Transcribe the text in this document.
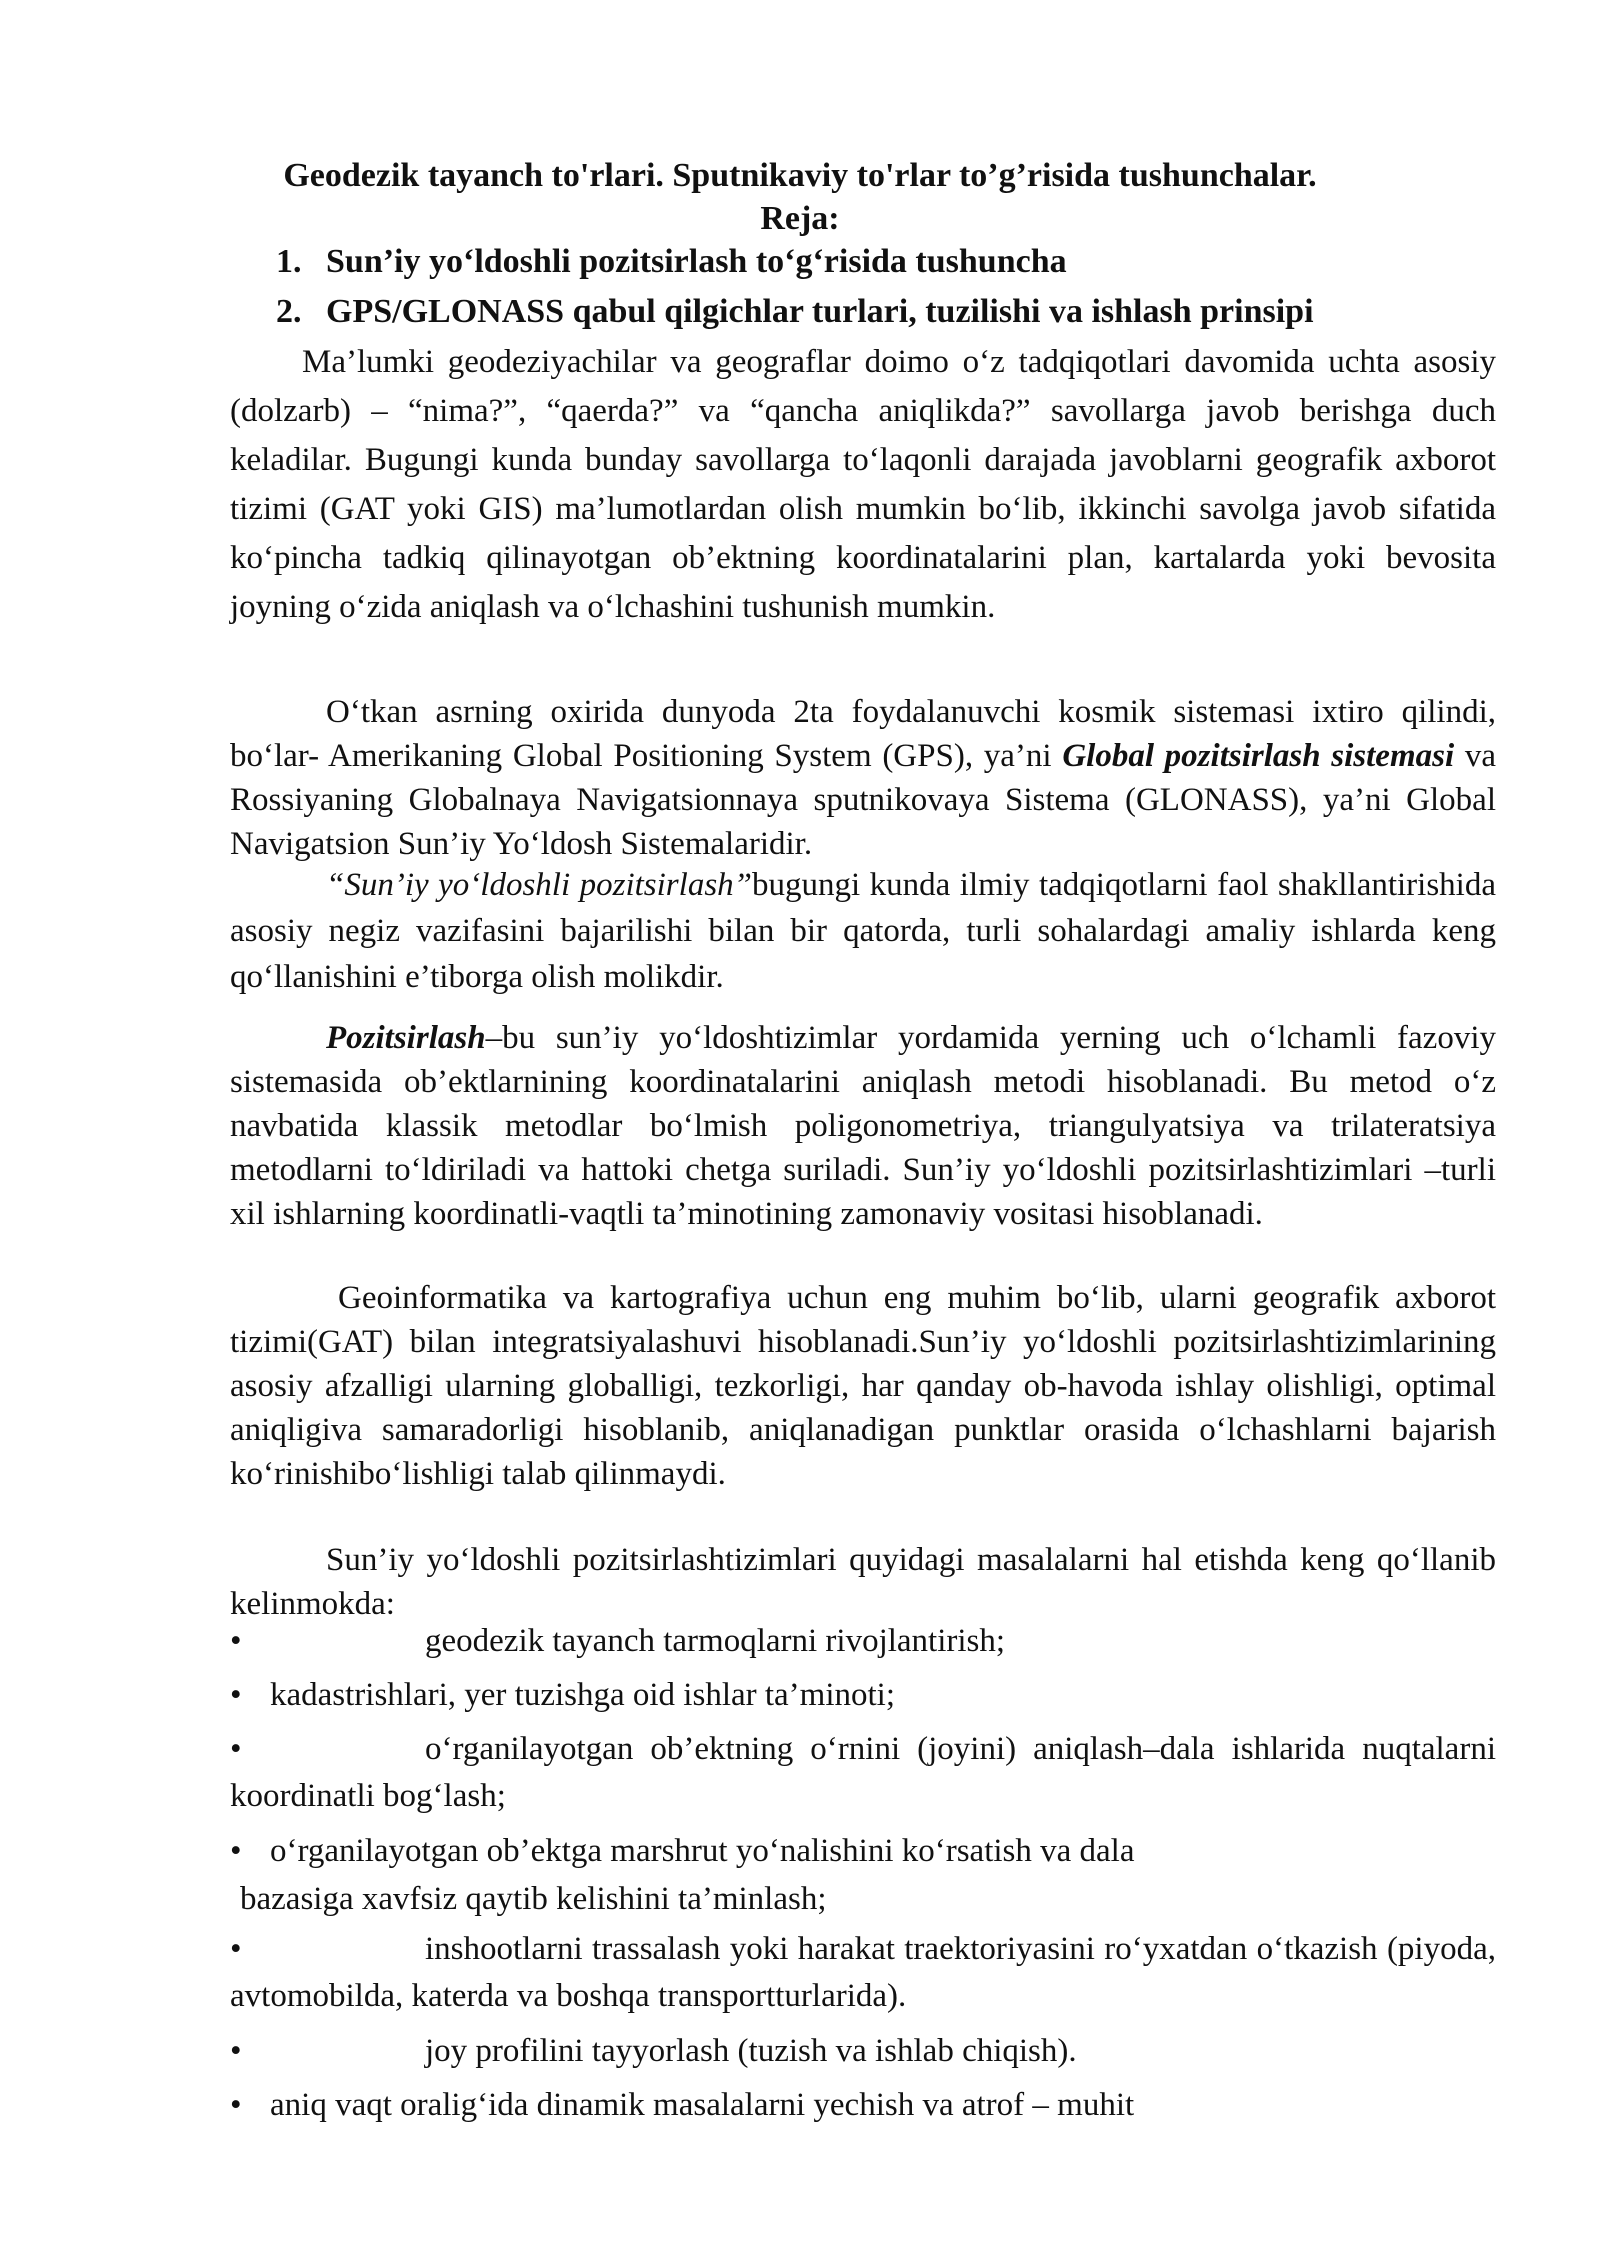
Geodezik tayanch to'rlari. Sputnikaviy to'rlar to’g’risida tushunchalar.
Reja:
1. Sun’iy yo‘ldoshli pozitsirlash to‘g‘risida tushuncha
2. GPS/GLONASS qabul qilgichlar turlari, tuzilishi va ishlash prinsipi

Ma’lumki geodeziyachilar va geograflar doimo o‘z tadqiqotlari davomida uchta asosiy (dolzarb) – “nima?”, “qaerda?” va “qancha aniqlikda?” savollarga javob berishga duch keladilar. Bugungi kunda bunday savollarga to‘laqonli darajada javoblarni geografik axborot tizimi (GAT yoki GIS) ma’lumotlardan olish mumkin bo‘lib, ikkinchi savolga javob sifatida ko‘pincha tadkiq qilinayotgan ob’ektning koordinatalarini plan, kartalarda yoki bevosita joyning o‘zida aniqlash va o‘lchashini tushunish mumkin.

O‘tkan asrning oxirida dunyoda 2ta foydalanuvchi kosmik sistemasi ixtiro qilindi, bo‘lar- Amerikaning Global Positioning System (GPS), ya’ni Global pozitsirlash sistemasi va Rossiyaning Globalnaya Navigatsionnaya sputnikovaya Sistema (GLONASS), ya’ni Global Navigatsion Sun’iy Yo‘ldosh Sistemalaridir.

“Sun’iy yo‘ldoshli pozitsirlash”bugungi kunda ilmiy tadqiqotlarni faol shakllantirishida asosiy negiz vazifasini bajarilishi bilan bir qatorda, turli sohalardagi amaliy ishlarda keng qo‘llanishini e’tiborga olish molikdir.

Pozitsirlash–bu sun’iy yo‘ldoshtizimlar yordamida yerning uch o‘lchamli fazoviy sistemasida ob’ektlarnining koordinatalarini aniqlash metodi hisoblanadi. Bu metod o‘z navbatida klassik metodlar bo‘lmish poligonometriya, triangulyatsiya va trilateratsiya metodlarni to‘ldiriladi va hattoki chetga suriladi. Sun’iy yo‘ldoshli pozitsirlashtizimlari –turli xil ishlarning koordinatli-vaqtli ta’minotining zamonaviy vositasi hisoblanadi.

Geoinformatika va kartografiya uchun eng muhim bo‘lib, ularni geografik axborot tizimi(GAT) bilan integratsiyalashuvi hisoblanadi.Sun’iy yo‘ldoshli pozitsirlashtizimlarining asosiy afzalligi ularning globalligi, tezkorligi, har qanday ob-havoda ishlay olishligi, optimal aniqligiva samaradorligi hisoblanib, aniqlanadigan punktlar orasida o‘lchashlarni bajarish ko‘rinishibo‘lishligi talab qilinmaydi.

Sun’iy yo‘ldoshli pozitsirlashtizimlari quyidagi masalalarni hal etishda keng qo‘llanib kelinmokda:

•	geodezik tayanch tarmoqlarni rivojlantirish;
• kadastrishlari, yer tuzishga oid ishlar ta’minoti;
•	o‘rganilayotgan ob’ektning o‘rnini (joyini) aniqlash–dala ishlarida nuqtalarni koordinatli bog‘lash;
• o‘rganilayotgan ob’ektga marshrut yo‘nalishini ko‘rsatish va dala
bazasiga xavfsiz qaytib kelishini ta’minlash;
•	inshootlarni trassalash yoki harakat traektoriyasini ro‘yxatdan o‘tkazish (piyoda, avtomobilda, katerda va boshqa transportturlarida).
•	joy profilini tayyorlash (tuzish va ishlab chiqish).
• aniq vaqt oralig‘ida dinamik masalalarni yechish va atrof – muhit
